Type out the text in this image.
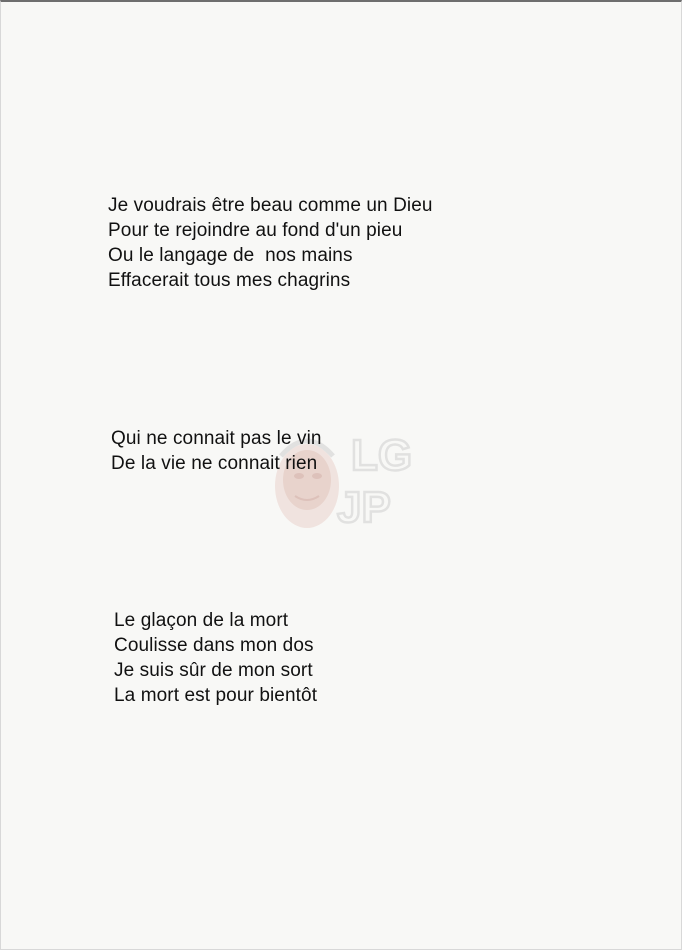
LG
JP
Je voudrais être beau comme un Dieu
Pour te rejoindre au fond d'un pieu
Ou le langage de  nos mains
Effacerait tous mes chagrins
Qui ne connait pas le vin
De la vie ne connait rien
Le glaçon de la mort
Coulisse dans mon dos
Je suis sûr de mon sort
La mort est pour bientôt
